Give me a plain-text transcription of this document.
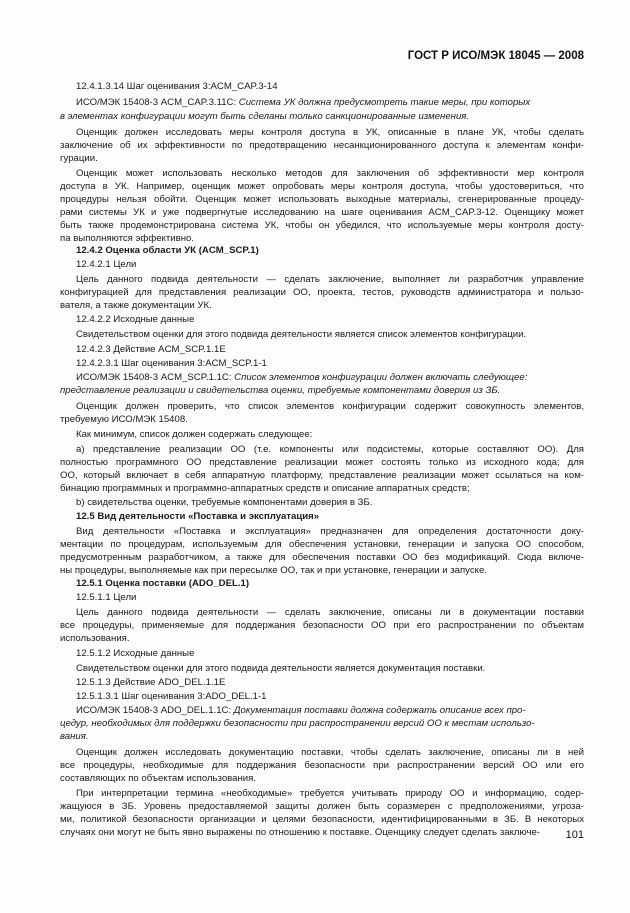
ГОСТ Р ИСО/МЭК 18045 — 2008
12.4.1.3.14 Шаг оценивания 3:ACM_CAP.3-14
ИСО/МЭК 15408-3 ACM_CAP.3.11C: Система УК должна предусмотреть такие меры, при которых
в элементах конфигурации могут быть сделаны только санкционированные изменения.
Оценщик должен исследовать меры контроля доступа в УК, описанные в плане УК, чтобы сделать
заключение об их эффективности по предотвращению несанкционированного доступа к элементам конфи-
гурации.
Оценщик может использовать несколько методов для заключения об эффективности мер контроля
доступа в УК. Например, оценщик может опробовать меры контроля доступа, чтобы удостовериться, что
процедуры нельзя обойти. Оценщик может использовать выходные материалы, сгенерированные процеду-
рами системы УК и уже подвергнутые исследованию на шаге оценивания ACM_CAP.3-12. Оценщику может
быть также продемонстрирована система УК, чтобы он убедился, что используемые меры контроля досту-
па выполняются эффективно.
12.4.2 Оценка области УК (ACM_SCP.1)
12.4.2.1 Цели
Цель данного подвида деятельности — сделать заключение, выполняет ли разработчик управление
конфигурацией для представления реализации ОО, проекта, тестов, руководств администратора и пользо-
вателя, а также документации УК.
12.4.2.2 Исходные данные
Свидетельством оценки для этого подвида деятельности является список элементов конфигурации.
12.4.2.3 Действие ACM_SCP.1.1E
12.4.2.3.1 Шаг оценивания 3:ACM_SCP.1-1
ИСО/МЭК 15408-3 ACM_SCP.1.1C: Список элементов конфигурации должен включать следующее:
представление реализации и свидетельства оценки, требуемые компонентами доверия из ЗБ.
Оценщик должен проверить, что список элементов конфигурации содержит совокупность элементов,
требуемую ИСО/МЭК 15408.
Как минимум, список должен содержать следующее:
a) представление реализации ОО (т.е. компоненты или подсистемы, которые составляют ОО). Для
полностью программного ОО представление реализации может состоять только из исходного кода; для
ОО, который включает в себя аппаратную платформу, представление реализации может ссылаться на ком-
бинацию программных и программно-аппаратных средств и описание аппаратных средств;
b) свидетельства оценки, требуемые компонентами доверия в ЗБ.
12.5 Вид деятельности «Поставка и эксплуатация»
Вид деятельности «Поставка и эксплуатация» предназначен для определения достаточности доку-
ментации по процедурам, используемым для обеспечения установки, генерации и запуска ОО способом,
предусмотренным разработчиком, а также для обеспечения поставки ОО без модификаций. Сюда включе-
ны процедуры, выполняемые как при пересылке ОО, так и при установке, генерации и запуске.
12.5.1 Оценка поставки (ADO_DEL.1)
12.5.1.1 Цели
Цель данного подвида деятельности — сделать заключение, описаны ли в документации поставки
все процедуры, применяемые для поддержания безопасности ОО при его распространении по объектам
использования.
12.5.1.2 Исходные данные
Свидетельством оценки для этого подвида деятельности является документация поставки.
12.5.1.3 Действие ADO_DEL.1.1E
12.5.1.3.1 Шаг оценивания 3:ADO_DEL.1-1
ИСО/МЭК 15408-3 ADO_DEL.1.1C: Документация поставки должна содержать описание всех про-
цедур, необходимых для поддержки безопасности при распространении версий ОО к местам использо-
вания.
Оценщик должен исследовать документацию поставки, чтобы сделать заключение, описаны ли в ней
все процедуры, необходимые для поддержания безопасности при распространении версий ОО или его
составляющих по объектам использования.
При интерпретации термина «необходимые» требуется учитывать природу ОО и информацию, содер-
жащуюся в ЗБ. Уровень предоставляемой защиты должен быть соразмерен с предположениями, угроза-
ми, политикой безопасности организации и целями безопасности, идентифицированными в ЗБ. В некоторых
случаях они могут не быть явно выражены по отношению к поставке. Оценщику следует сделать заключе-	101
